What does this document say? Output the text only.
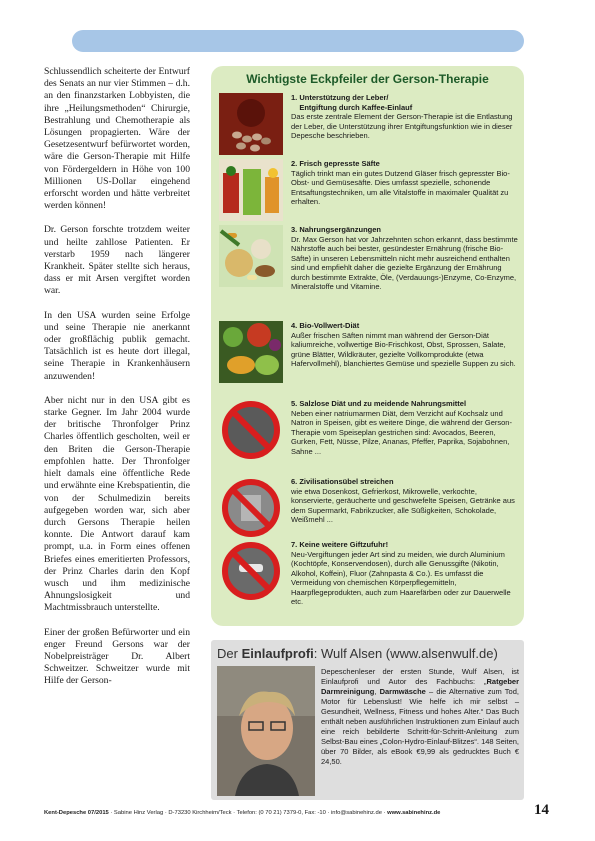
Schlussendlich scheiterte der Entwurf des Senats an nur vier Stimmen – d.h. an den finanzstarken Lobbyisten, die ihre „Heilungsmethoden“ Chirurgie, Bestrahlung und Chemotherapie als Lösungen propagierten. Wäre der Gesetzesentwurf befürwortet worden, wäre die Gerson-Therapie mit Hilfe von Fördergeldern in Höhe von 100 Millionen US-Dollar eingehend erforscht worden und hätte verbreitet werden können!

Dr. Gerson forschte trotzdem weiter und heilte zahllose Patienten. Er verstarb 1959 nach längerer Krankheit. Später stellte sich heraus, dass er mit Arsen vergiftet worden war.

In den USA wurden seine Erfolge und seine Therapie nie anerkannt oder großflächig publik gemacht. Tatsächlich ist es heute dort illegal, seine Therapie in Krankenhäusern anzuwenden!

Aber nicht nur in den USA gibt es starke Gegner. Im Jahr 2004 wurde der britische Thronfolger Prinz Charles öffentlich gescholten, weil er den Briten die Gerson-Therapie empfohlen hatte. Der Thronfolger hielt damals eine öffentliche Rede und erwähnte eine Krebspatientin, die von der Schulmedizin bereits aufgegeben worden war, sich aber durch Gersons Therapie heilen konnte. Die Antwort darauf kam prompt, u.a. in Form eines offenen Briefes eines emeritierten Professors, der Prinz Charles darin den Kopf wusch und ihm medizinische Ahnungslosigkeit und Machtmissbrauch unterstellte.

Einer der großen Befürworter und ein enger Freund Gersons war der Nobelpreisträger Dr. Albert Schweitzer. Schweitzer wurde mit Hilfe der Gerson-

Wichtigste Eckpfeiler der Gerson-Therapie
1. Unterstützung der Leber/
Entgiftung durch Kaffee-Einlauf
Das erste zentrale Element der Gerson-Therapie ist die Entlastung der Leber, die Unterstützung ihrer Entgiftungsfunktion wie in dieser Depesche beschrieben.
2. Frisch gepresste Säfte
Täglich trinkt man ein gutes Dutzend Gläser frisch gepresster Bio-Obst- und Gemüsesäfte. Dies umfasst spezielle, schonende Entsaftungstechniken, um alle Vitalstoffe in maximaler Qualität zu erhalten.
3. Nahrungsergänzungen
Dr. Max Gerson hat vor Jahrzehnten schon erkannt, dass bestimmte Nährstoffe auch bei bester, gesündester Ernährung (frische Bio-Säfte) in unseren Lebensmitteln nicht mehr ausreichend enthalten sind und empfiehlt daher die gezielte Ergänzung der Ernährung durch bestimmte Extrakte, Öle, (Verdauungs-)Enzyme, Co-Enzyme, Mineralstoffe und Vitamine.
4. Bio-Vollwert-Diät
Außer frischen Säften nimmt man während der Gerson-Diät kaliumreiche, vollwertige Bio-Frischkost, Obst, Sprossen, Salate, grüne Blätter, Wildkräuter, gezielte Vollkornprodukte (etwa Hafervollmehl), blanchiertes Gemüse und spezielle Suppen zu sich.
5. Salzlose Diät und zu meidende Nahrungsmittel
Neben einer natriumarmen Diät, dem Verzicht auf Kochsalz und Natron in Speisen, gibt es weitere Dinge, die während der Gerson-Therapie vom Speiseplan gestrichen sind: Avocados, Beeren, Gurken, Fett, Nüsse, Pilze, Ananas, Pfeffer, Paprika, Sojabohnen, Sahne ...
6. Zivilisationsübel streichen
wie etwa Dosenkost, Gefrierkost, Mikrowelle, verkochte, konservierte, geräucherte und geschwefelte Speisen, Getränke aus dem Supermarkt, Fabrikzucker, alle Süßigkeiten, Schokolade, Weißmehl ...
7. Keine weitere Giftzufuhr!
Neu-Vergiftungen jeder Art sind zu meiden, wie durch Aluminium (Kochtöpfe, Konservendosen), durch alle Genussgifte (Nikotin, Alkohol, Koffein), Fluor (Zahnpasta & Co.). Es umfasst die Vermeidung von chemischen Körperpflegemitteln, Haarpflegeprodukten, auch zum Haarefärben oder zur Dauerwelle etc.
Der Einlaufprofi: Wulf Alsen (www.alsenwulf.de)
Depeschenleser der ersten Stunde, Wulf Alsen, ist Einlaufprofi und Autor des Fachbuchs: „Ratgeber Darmreinigung, Darmwäsche – die Alternative zum Tod, Motor für Lebenslust! Wie helfe ich mir selbst – Gesundheit, Wellness, Fitness und hohes Alter.“ Das Buch enthält neben ausführlichen Instruktionen zum Einlauf auch eine reich bebilderte Schritt-für-Schritt-Anleitung zum Selbst-Bau eines „Colon-Hydro-Einlauf-Blitzes“. 148 Seiten, über 70 Bilder, als eBook €9,99 als gedrucktes Buch € 24,50.
Kent-Depesche 07/2015 · Sabine Hinz Verlag · D-73230 Kirchheim/Teck · Telefon: (0 70 21) 7379-0, Fax: -10 · info@sabinehinz.de · www.sabinehinz.de	14
